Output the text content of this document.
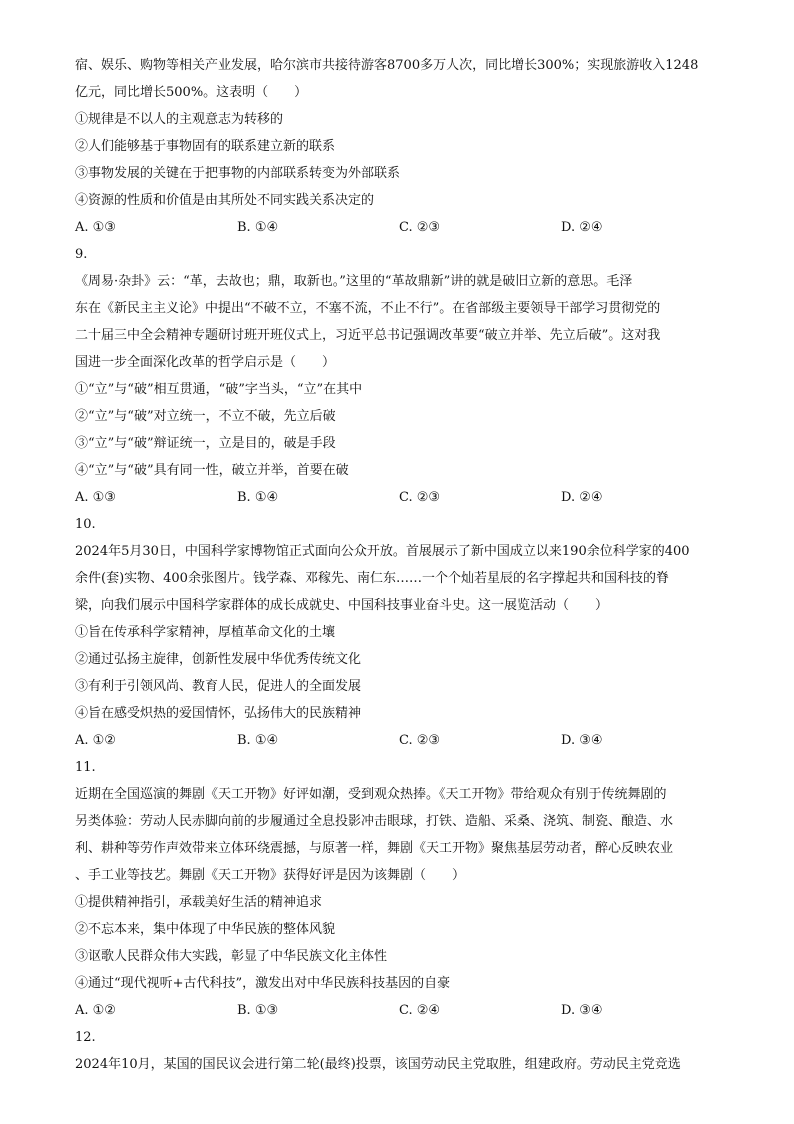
宿、娱乐、购物等相关产业发展，哈尔滨市共接待游客8700多万人次，同比增长300%；实现旅游收入1248
亿元，同比增长500%。这表明（　　）
①规律是不以人的主观意志为转移的
②人们能够基于事物固有的联系建立新的联系
③事物发展的关键在于把事物的内部联系转变为外部联系
④资源的性质和价值是由其所处不同实践关系决定的
A. ①③	B. ①④	C. ②③	D. ②④
9.
《周易·杂卦》云：“革，去故也；鼎，取新也。”这里的“革故鼎新”讲的就是破旧立新的意思。毛泽
东在《新民主主义论》中提出“不破不立，不塞不流，不止不行”。在省部级主要领导干部学习贯彻党的
二十届三中全会精神专题研讨班开班仪式上，习近平总书记强调改革要“破立并举、先立后破”。这对我
国进一步全面深化改革的哲学启示是（　　）
①“立”与“破”相互贯通，“破”字当头，“立”在其中
②“立”与“破”对立统一，不立不破，先立后破
③“立”与“破”辩证统一，立是目的，破是手段
④“立”与“破”具有同一性，破立并举，首要在破
A. ①③	B. ①④	C. ②③	D. ②④
10.
2024年5月30日，中国科学家博物馆正式面向公众开放。首展展示了新中国成立以来190余位科学家的400
余件(套)实物、400余张图片。钱学森、邓稼先、南仁东……一个个灿若星辰的名字撑起共和国科技的脊
梁，向我们展示中国科学家群体的成长成就史、中国科技事业奋斗史。这一展览活动（　　）
①旨在传承科学家精神，厚植革命文化的土壤
②通过弘扬主旋律，创新性发展中华优秀传统文化
③有利于引领风尚、教育人民，促进人的全面发展
④旨在感受炽热的爱国情怀，弘扬伟大的民族精神
A. ①②	B. ①④	C. ②③	D. ③④
11.
近期在全国巡演的舞剧《天工开物》好评如潮，受到观众热捧。《天工开物》带给观众有别于传统舞剧的
另类体验：劳动人民赤脚向前的步履通过全息投影冲击眼球，打铁、造船、采桑、浇筑、制瓷、酿造、水
利、耕种等劳作声效带来立体环绕震撼，与原著一样，舞剧《天工开物》聚焦基层劳动者，醉心反映农业
、手工业等技艺。舞剧《天工开物》获得好评是因为该舞剧（　　）
①提供精神指引，承载美好生活的精神追求
②不忘本来，集中体现了中华民族的整体风貌
③讴歌人民群众伟大实践，彰显了中华民族文化主体性
④通过“现代视听+古代科技”，激发出对中华民族科技基因的自豪
A. ①②	B. ①③	C. ②④	D. ③④
12.
2024年10月，某国的国民议会进行第二轮(最终)投票，该国劳动民主党取胜，组建政府。劳动民主党竞选
